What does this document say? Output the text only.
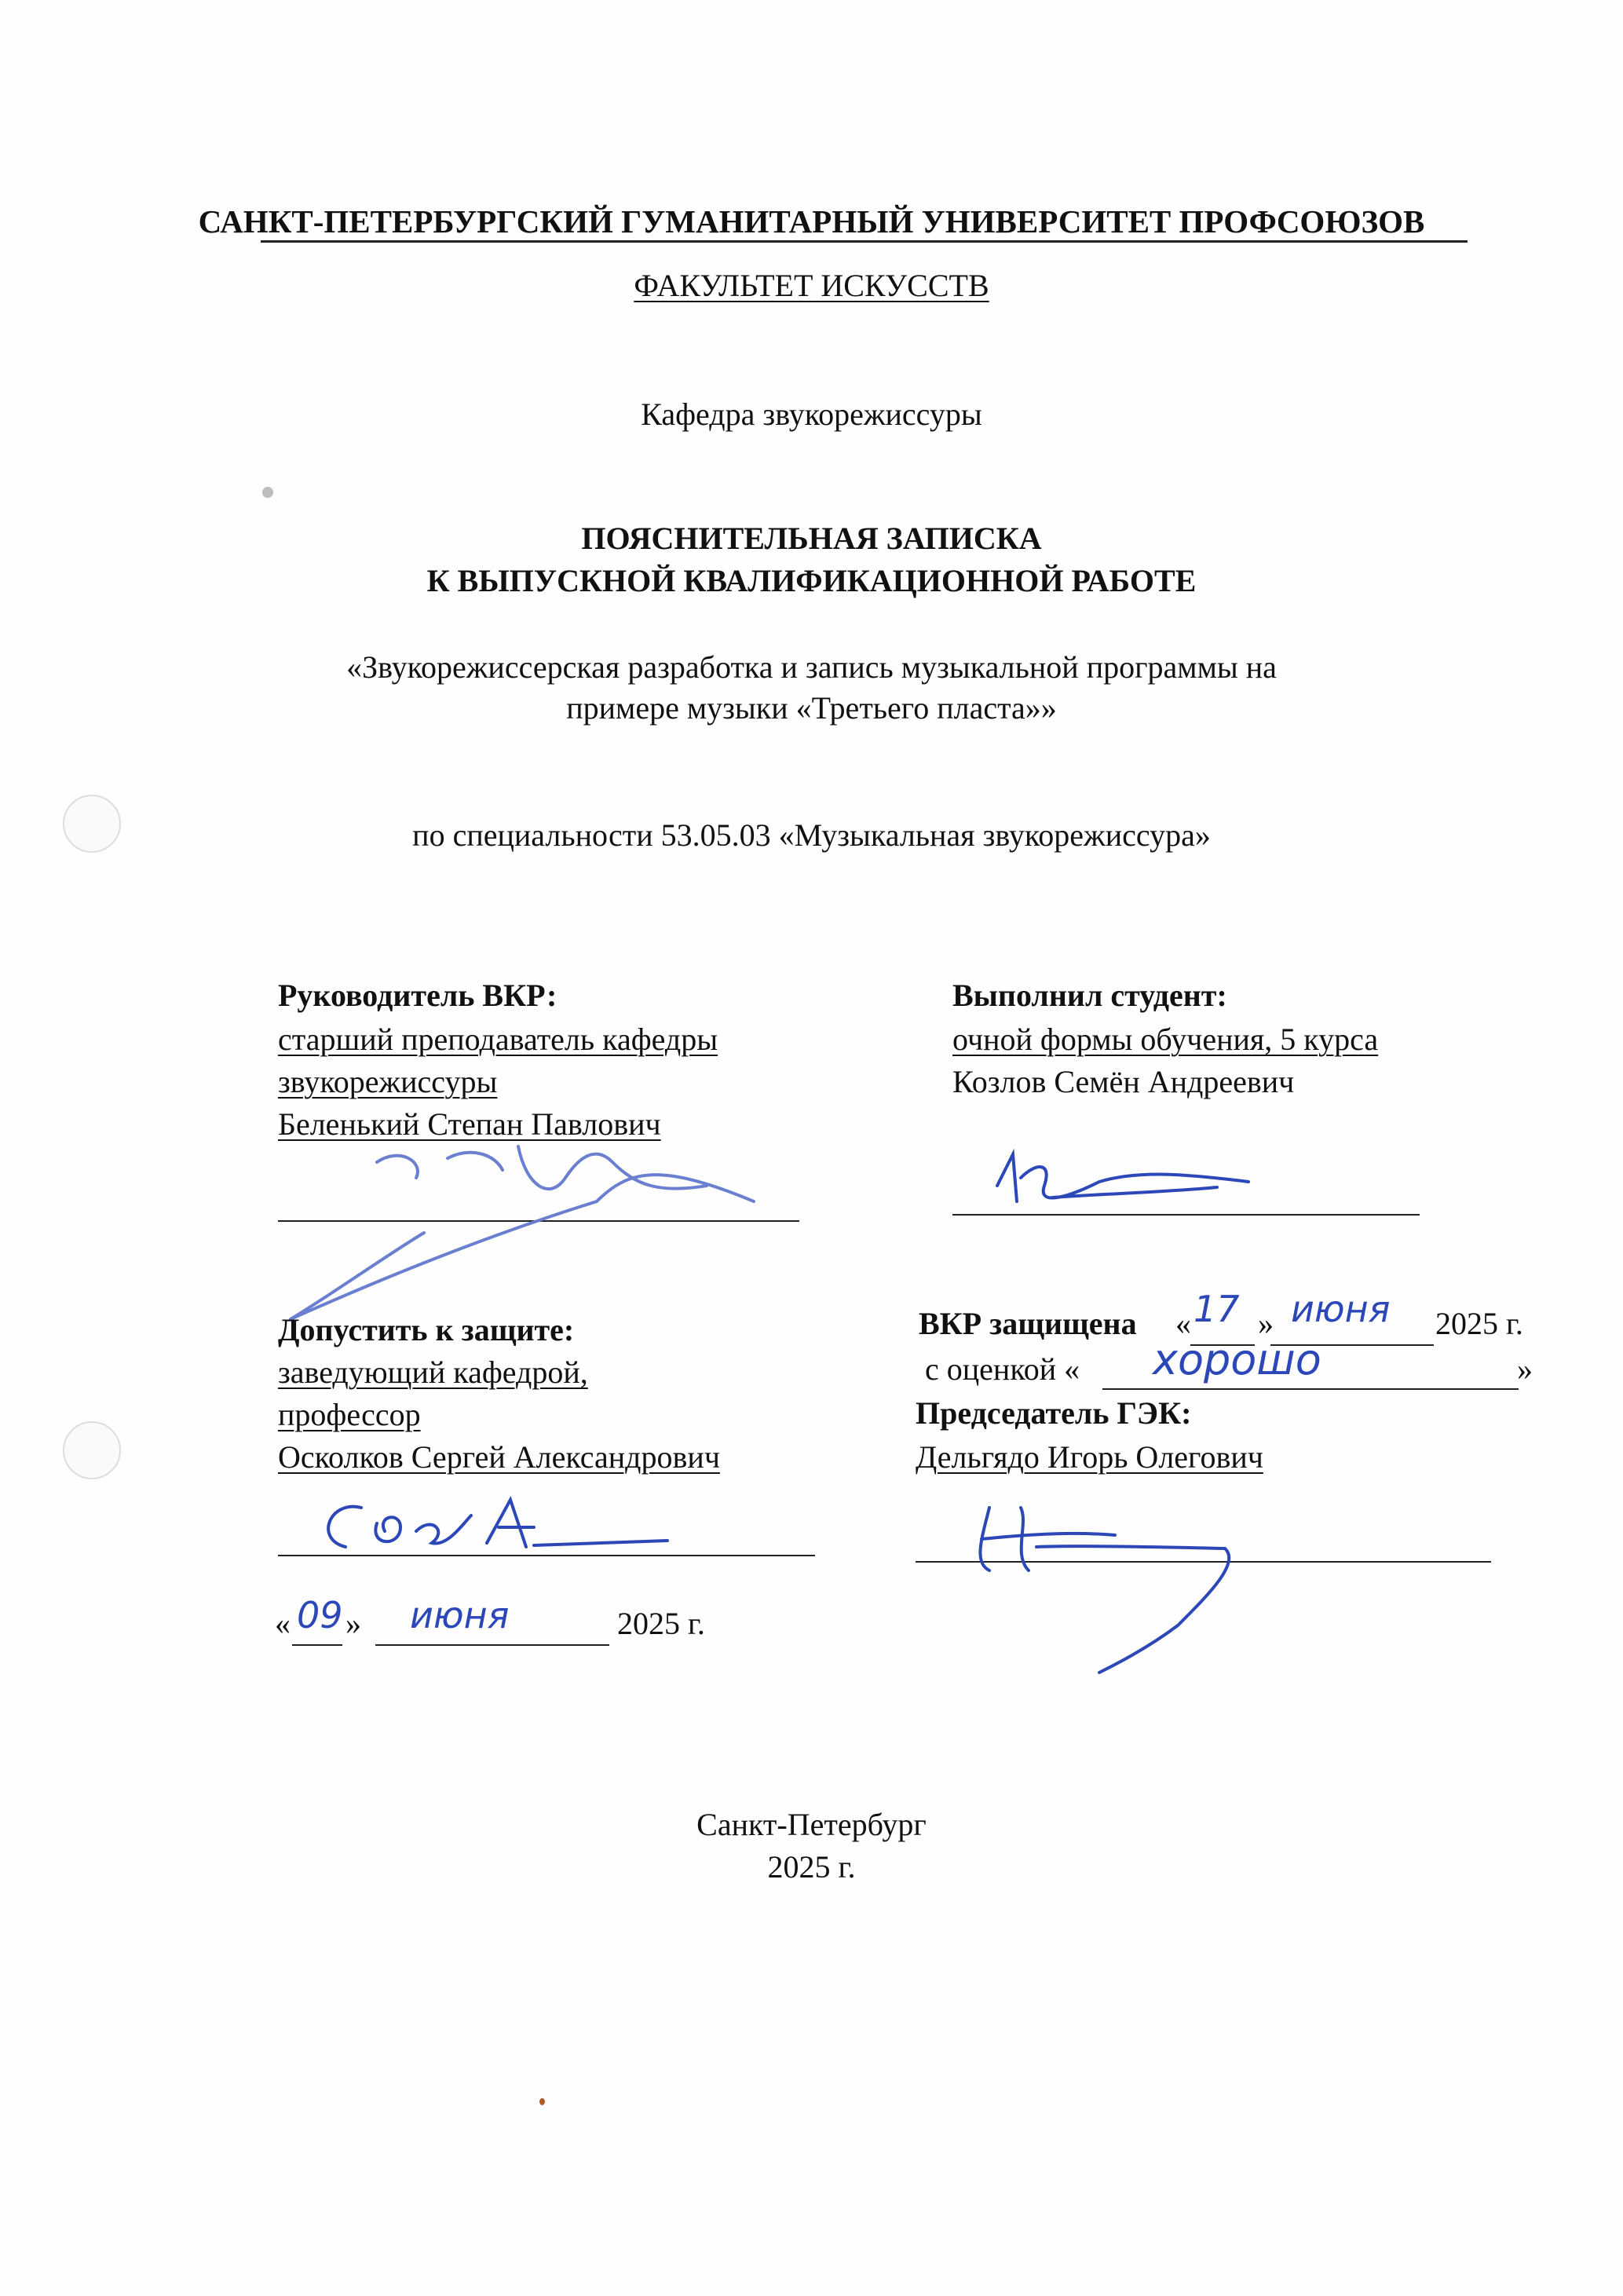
САНКТ-ПЕТЕРБУРГСКИЙ ГУМАНИТАРНЫЙ УНИВЕРСИТЕТ ПРОФСОЮЗОВ
ФАКУЛЬТЕТ ИСКУССТВ
Кафедра звукорежиссуры
ПОЯСНИТЕЛЬНАЯ ЗАПИСКА
К ВЫПУСКНОЙ КВАЛИФИКАЦИОННОЙ РАБОТЕ
«Звукорежиссерская разработка и запись музыкальной программы на
примере музыки «Третьего пласта»»
по специальности 53.05.03 «Музыкальная звукорежиссура»
Руководитель ВКР:
старший преподаватель кафедры
звукорежиссуры
Беленький Степан Павлович
Выполнил студент:
очной формы обучения, 5 курса
Козлов Семён Андреевич
Допустить к защите:
заведующий кафедрой,
профессор
Осколков Сергей Александрович
« 09 » июня	2025 г.
ВКР защищена « 17 » июня 2025 г.
с оценкой « хорошо	»
Председатель ГЭК:
Дельгядо Игорь Олегович
Санкт-Петербург
2025 г.
